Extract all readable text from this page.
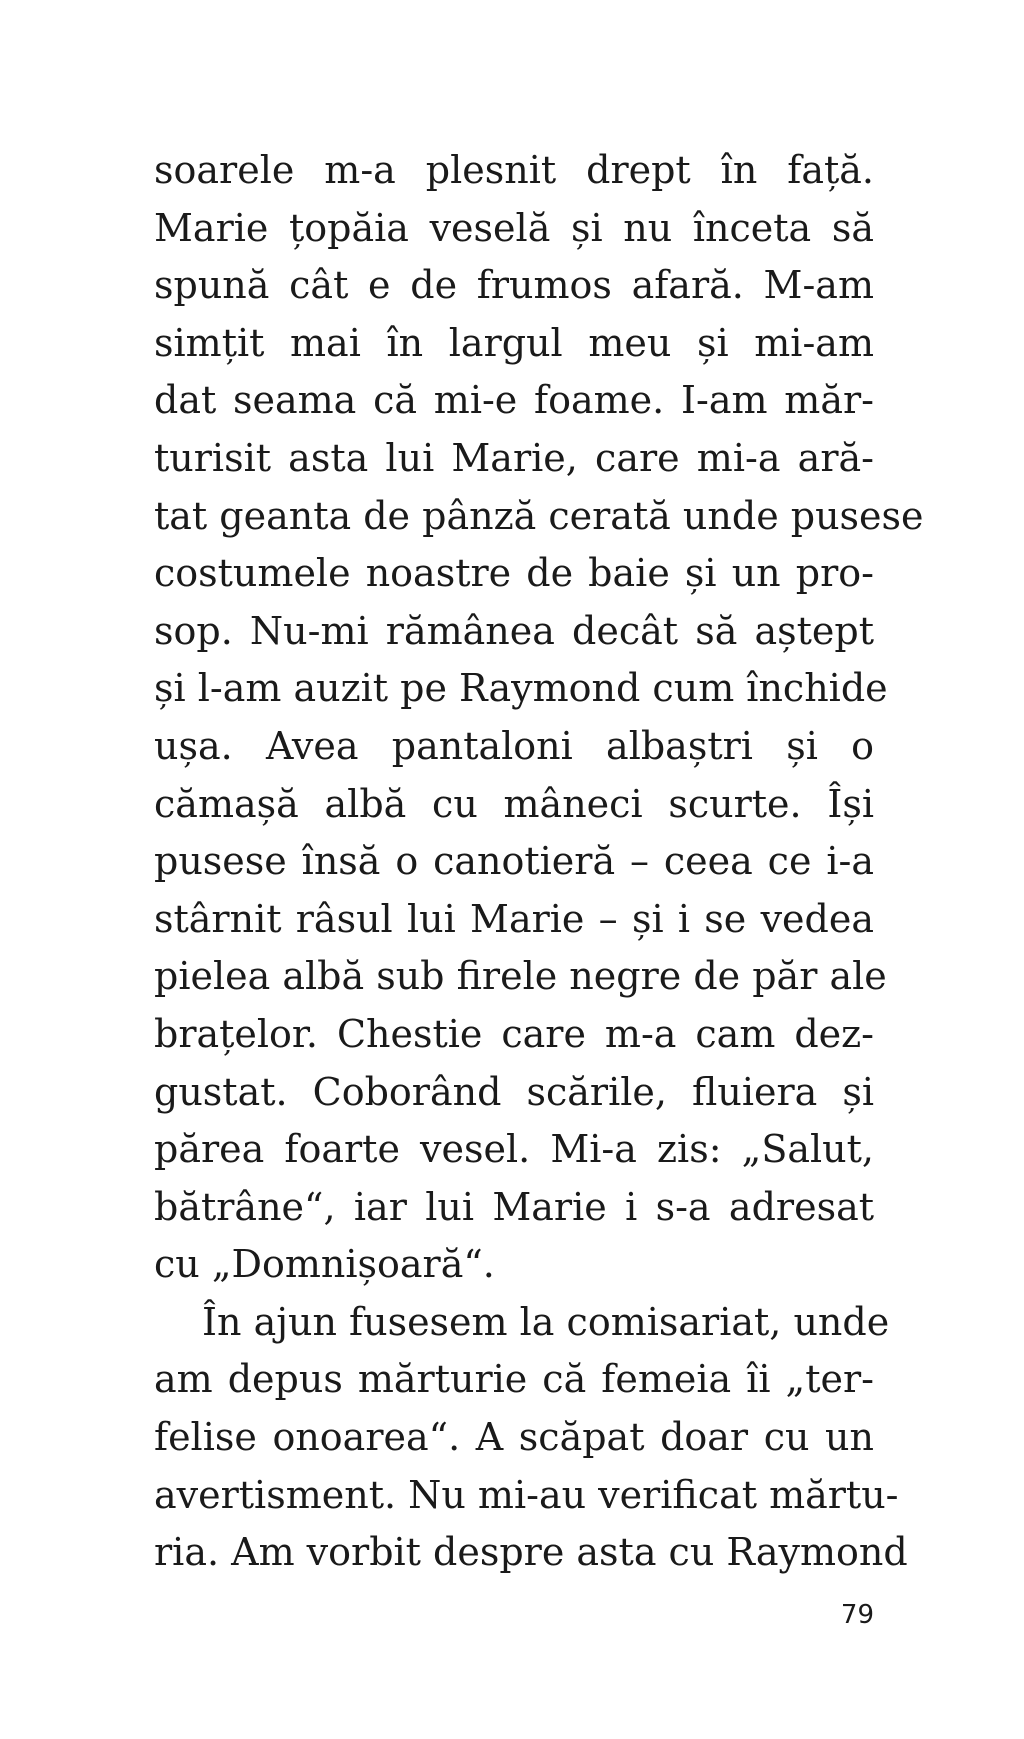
soarele m-a plesnit drept în față.
Marie țopăia veselă și nu înceta să
spună cât e de frumos afară. M-am
simțit mai în largul meu și mi-am
dat seama că mi-e foame. I-am măr-
turisit asta lui Marie, care mi-a ară-
tat geanta de pânză cerată unde pusese
costumele noastre de baie și un pro-
sop. Nu-mi rămânea decât să aștept
și l-am auzit pe Raymond cum închide
ușa. Avea pantaloni albaștri și o
cămașă albă cu mâneci scurte. Își
pusese însă o canotieră – ceea ce i-a
stârnit râsul lui Marie – și i se vedea
pielea albă sub firele negre de păr ale
brațelor. Chestie care m-a cam dez-
gustat. Coborând scările, fluiera și
părea foarte vesel. Mi-a zis: „Salut,
bătrâne“, iar lui Marie i s-a adresat
cu „Domnișoară“.
În ajun fusesem la comisariat, unde
am depus mărturie că femeia îi „ter-
felise onoarea“. A scăpat doar cu un
avertisment. Nu mi-au verificat mărtu-
ria. Am vorbit despre asta cu Raymond
79
